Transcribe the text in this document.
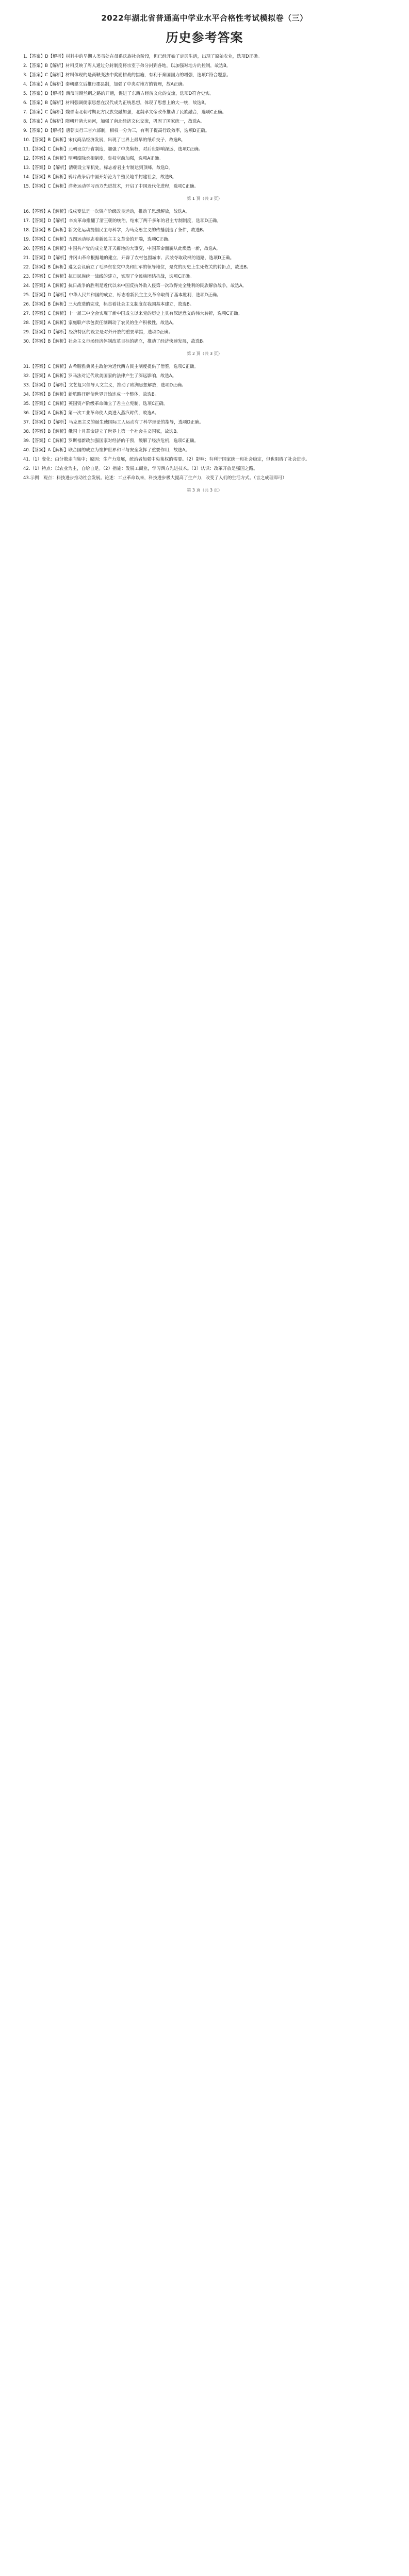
2022年湖北省普通高中学业水平合格性考试模拟卷（三）
历史参考答案

1.【答案】D【解析】材料中的早期人类虽处在母系氏族社会阶段，但已经开始了定居生活，出现了原始农业，选项D正确。

2.【答案】B【解析】材料反映了周人通过分封制度将宗室子弟分封到各地，以加强对地方的控制，故选B。

3.【答案】C【解析】材料体现的是商鞅变法中奖励耕战的措施，有利于秦国国力的增强，选项C符合题意。

4.【答案】A【解析】秦朝建立后推行郡县制，加强了中央对地方的管理，故A正确。

5.【答案】D【解析】西汉时期丝绸之路的开通，促进了东西方经济文化的交流，选项D符合史实。

6.【答案】B【解析】材料强调儒家思想在汉代成为正统思想，体现了思想上的大一统，故选B。

7.【答案】C【解析】魏晋南北朝时期北方民族交融加强，北魏孝文帝改革推动了民族融合，选项C正确。

8.【答案】A【解析】隋朝开凿大运河，加强了南北经济文化交流，巩固了国家统一，故选A。

9.【答案】D【解析】唐朝实行三省六部制，相权一分为三，有利于提高行政效率，选项D正确。

10.【答案】B【解析】宋代商品经济发展，出现了世界上最早的纸币交子，故选B。

11.【答案】C【解析】元朝设立行省制度，加强了中央集权，对后世影响深远，选项C正确。

12.【答案】A【解析】明朝废除丞相制度，皇权空前加强，选项A正确。

13.【答案】D【解析】清朝设立军机处，标志着君主专制达到顶峰，故选D。

14.【答案】B【解析】鸦片战争后中国开始沦为半殖民地半封建社会，故选B。

15.【答案】C【解析】洋务运动学习西方先进技术，开启了中国近代化进程，选项C正确。

第 1 页（共 3 页）

16.【答案】A【解析】戊戌变法是一次资产阶级改良运动，推动了思想解放，故选A。

17.【答案】D【解析】辛亥革命推翻了清王朝的统治，结束了两千多年的君主专制制度，选项D正确。

18.【答案】B【解析】新文化运动提倡民主与科学，为马克思主义的传播创造了条件，故选B。

19.【答案】C【解析】五四运动标志着新民主主义革命的开端，选项C正确。

20.【答案】A【解析】中国共产党的成立是开天辟地的大事变，中国革命面貌从此焕然一新，故选A。

21.【答案】D【解析】井冈山革命根据地的建立，开辟了农村包围城市、武装夺取政权的道路，选项D正确。

22.【答案】B【解析】遵义会议确立了毛泽东在党中央和红军的领导地位，是党的历史上生死攸关的转折点，故选B。

23.【答案】C【解析】抗日民族统一战线的建立，实现了全民族团结抗战，选项C正确。

24.【答案】A【解析】抗日战争的胜利是近代以来中国反抗外敌入侵第一次取得完全胜利的民族解放战争，故选A。

25.【答案】D【解析】中华人民共和国的成立，标志着新民主主义革命取得了基本胜利，选项D正确。

26.【答案】B【解析】三大改造的完成，标志着社会主义制度在我国基本建立，故选B。

27.【答案】C【解析】十一届三中全会实现了新中国成立以来党的历史上具有深远意义的伟大转折，选项C正确。

28.【答案】A【解析】家庭联产承包责任制调动了农民的生产积极性，故选A。

29.【答案】D【解析】经济特区的设立是对外开放的重要举措，选项D正确。

30.【答案】B【解析】社会主义市场经济体制改革目标的确立，推动了经济快速发展，故选B。

第 2 页（共 3 页）

31.【答案】C【解析】古希腊雅典民主政治为近代西方民主制度提供了借鉴，选项C正确。

32.【答案】A【解析】罗马法对近代欧美国家的法律产生了深远影响，故选A。

33.【答案】D【解析】文艺复兴倡导人文主义，推动了欧洲思想解放，选项D正确。

34.【答案】B【解析】新航路开辟使世界开始连成一个整体，故选B。

35.【答案】C【解析】英国资产阶级革命确立了君主立宪制，选项C正确。

36.【答案】A【解析】第一次工业革命使人类进入蒸汽时代，故选A。

37.【答案】D【解析】马克思主义的诞生使国际工人运动有了科学理论的指导，选项D正确。

38.【答案】B【解析】俄国十月革命建立了世界上第一个社会主义国家，故选B。

39.【答案】C【解析】罗斯福新政加强国家对经济的干预，缓解了经济危机，选项C正确。

40.【答案】A【解析】联合国的成立为维护世界和平与安全发挥了重要作用，故选A。

41.（1）变化：由分散走向集中；原因：生产力发展，统治者加强中央集权的需要。（2）影响：有利于国家统一和社会稳定，但也阻碍了社会进步。

42.（1）特点：以农业为主，自给自足。（2）措施：发展工商业，学习西方先进技术。（3）认识：改革开放是强国之路。

43.示例：观点：科技进步推动社会发展。论述：工业革命以来，科技进步极大提高了生产力，改变了人们的生活方式。（言之成理即可）

第 3 页（共 3 页）
